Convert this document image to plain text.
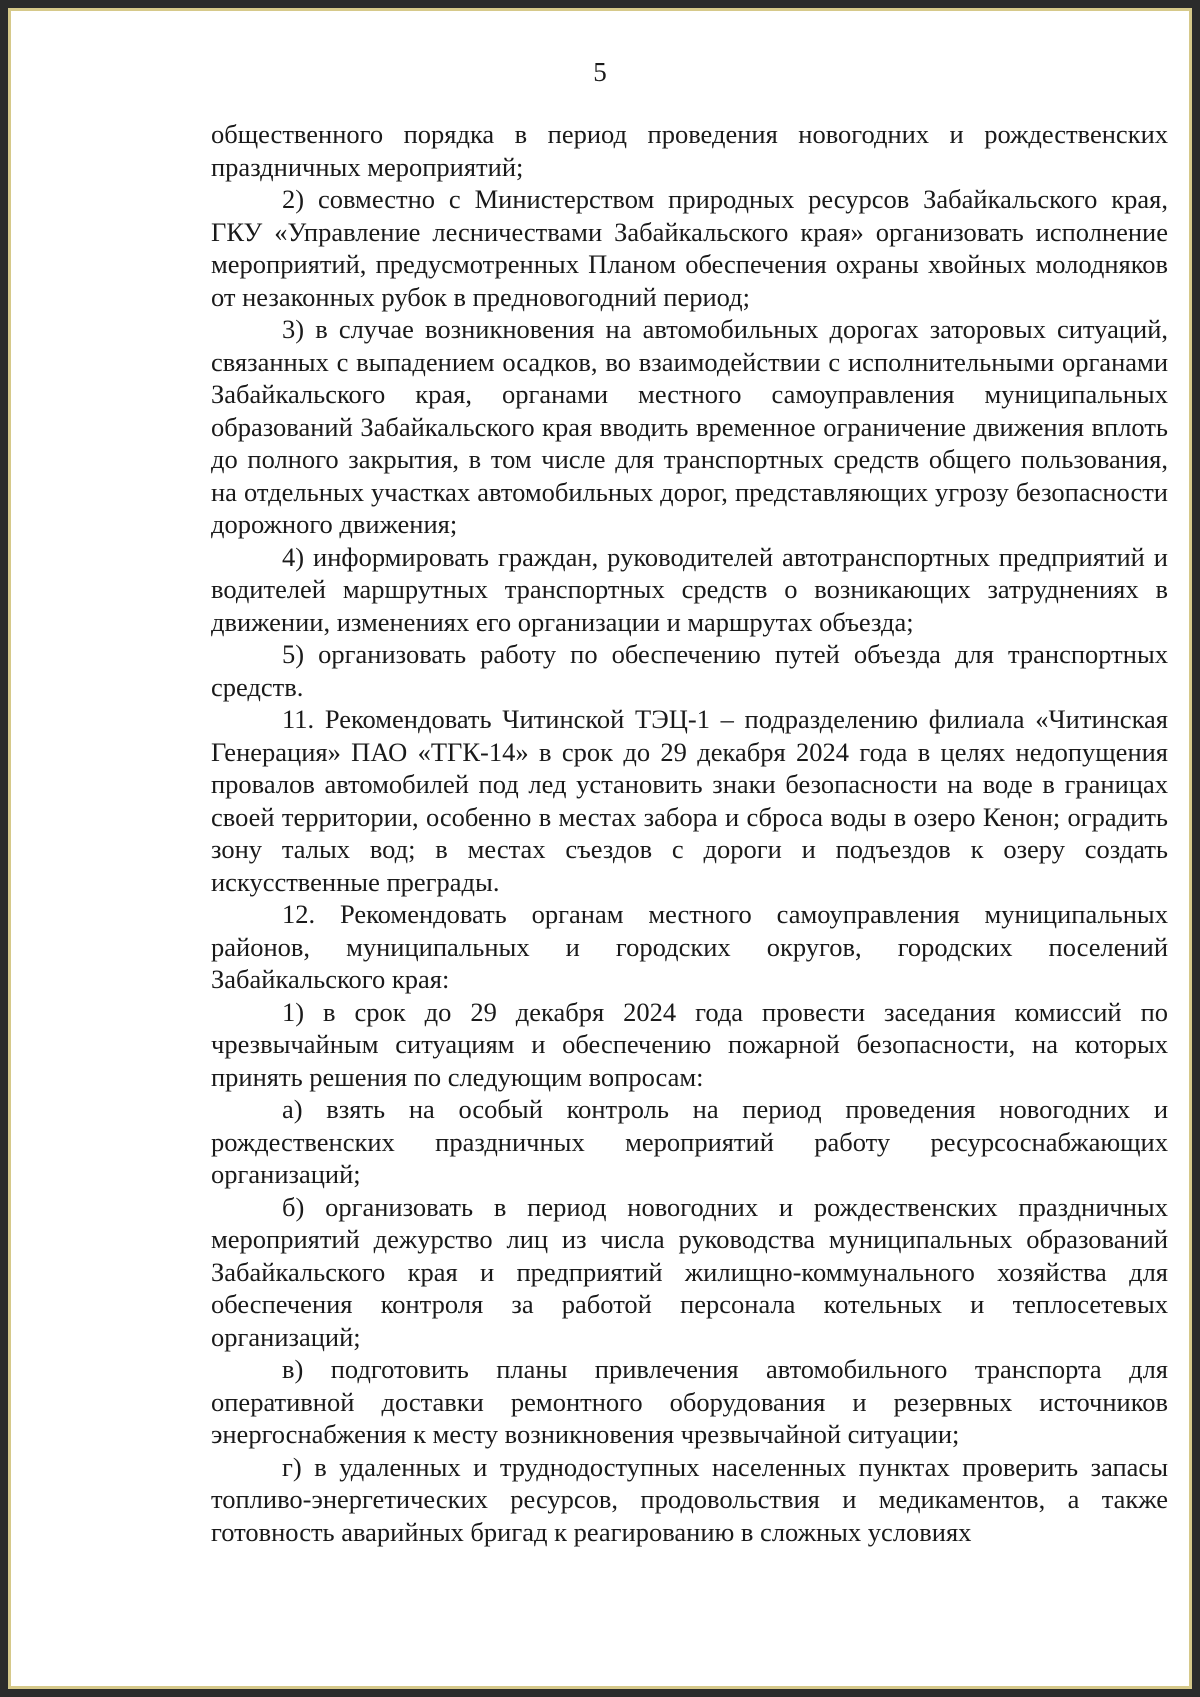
5

общественного порядка в период проведения новогодних и рождественских праздничных мероприятий;

2) совместно с Министерством природных ресурсов Забайкальского края, ГКУ «Управление лесничествами Забайкальского края» организовать исполнение мероприятий, предусмотренных Планом обеспечения охраны хвойных молодняков от незаконных рубок в предновогодний период;

3) в случае возникновения на автомобильных дорогах заторовых ситуаций, связанных с выпадением осадков, во взаимодействии с исполнительными органами Забайкальского края, органами местного самоуправления муниципальных образований Забайкальского края вводить временное ограничение движения вплоть до полного закрытия, в том числе для транспортных средств общего пользования, на отдельных участках автомобильных дорог, представляющих угрозу безопасности дорожного движения;

4) информировать граждан, руководителей автотранспортных предприятий и водителей маршрутных транспортных средств о возникающих затруднениях в движении, изменениях его организации и маршрутах объезда;

5) организовать работу по обеспечению путей объезда для транспортных средств.

11. Рекомендовать Читинской ТЭЦ-1 – подразделению филиала «Читинская Генерация» ПАО «ТГК-14» в срок до 29 декабря 2024 года в целях недопущения провалов автомобилей под лед установить знаки безопасности на воде в границах своей территории, особенно в местах забора и сброса воды в озеро Кенон; оградить зону талых вод; в местах съездов с дороги и подъездов к озеру создать искусственные преграды.

12. Рекомендовать органам местного самоуправления муниципальных районов, муниципальных и городских округов, городских поселений Забайкальского края:

1) в срок до 29 декабря 2024 года провести заседания комиссий по чрезвычайным ситуациям и обеспечению пожарной безопасности, на которых принять решения по следующим вопросам:

а) взять на особый контроль на период проведения новогодних и рождественских праздничных мероприятий работу ресурсоснабжающих организаций;

б) организовать в период новогодних и рождественских праздничных мероприятий дежурство лиц из числа руководства муниципальных образований Забайкальского края и предприятий жилищно-коммунального хозяйства для обеспечения контроля за работой персонала котельных и теплосетевых организаций;

в) подготовить планы привлечения автомобильного транспорта для оперативной доставки ремонтного оборудования и резервных источников энергоснабжения к месту возникновения чрезвычайной ситуации;

г) в удаленных и труднодоступных населенных пунктах проверить запасы топливо-энергетических ресурсов, продовольствия и медикаментов, а также готовность аварийных бригад к реагированию в сложных условиях
